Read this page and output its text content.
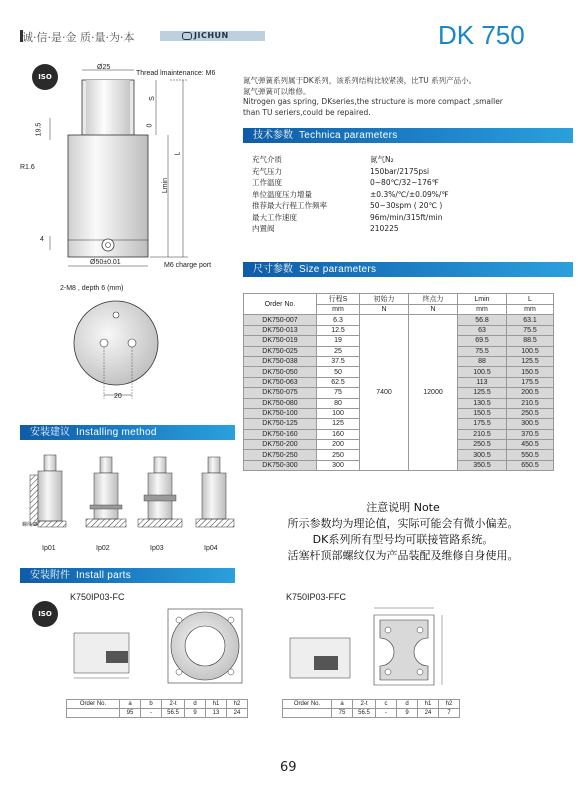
诚·信·是·金 质·量·为·本	JICHUN	DK 750
ISO
ISO
Ø25
Thread lmaintenance: M6
S
0
L
Lmin
19.5
R1.6
4
Ø50±0.01	M6 charge port
2-M8 , depth 6 (mm)
20
氮气弹簧系列属于DK系列，该系列结构比较紧凑，比TU 系列产品小。
氮气弹簧可以维修。
Nitrogen gas spring, DKseries,the structure is more compact ,smaller
than TU seriers,could be repaired.
技术参数 Technica parameters
充气介质	氮气N₂
充气压力	150bar/2175psi
工作温度	0~80℃/32~176℉
单位温度压力增量	±0.3%/℃/±0.09%/℉
推荐最大行程工作频率	50~30spm ( 20℃ )
最大工作速度	96m/min/315ft/min
内置阀	210225
尺寸参数 Size parameters
Order No.	行程S	初始力	终点力	Lmin	L
	mm	N	N	mm	mm
DK750-007	6.3	7400	12000	56.8	63.1
DK750-013	12.5			63	75.5
DK750-019	19			69.5	88.5
DK750-025	25			75.5	100.5
DK750-038	37.5			88	125.5
DK750-050	50			100.5	150.5
DK750-063	62.5			113	175.5
DK750-075	75			125.5	200.5
DK750-080	80			130.5	210.5
DK750-100	100			150.5	250.5
DK750-125	125			175.5	300.5
DK750-160	160			210.5	370.5
DK750-200	200			250.5	450.5
DK750-250	250			300.5	550.5
DK750-300	300			350.5	650.5
安装建议 Installing method
螺纹 Ø
Ip01	Ip02	Ip03	Ip04
注意说明 Note
所示参数均为理论值，实际可能会有微小偏差。
DK系列所有型号均可联接管路系统。
活塞杆顶部螺纹仅为产品装配及维修自身使用。
安装附件 Install parts
K750IP03-FC
Order No.	a	b	2-t	d	h1	h2
	95	-	56.5	9	13	24
K750IP03-FFC
Order No.	a	2-t	c	d	h1	h2
	75	56.5	-	9	24	7
69
